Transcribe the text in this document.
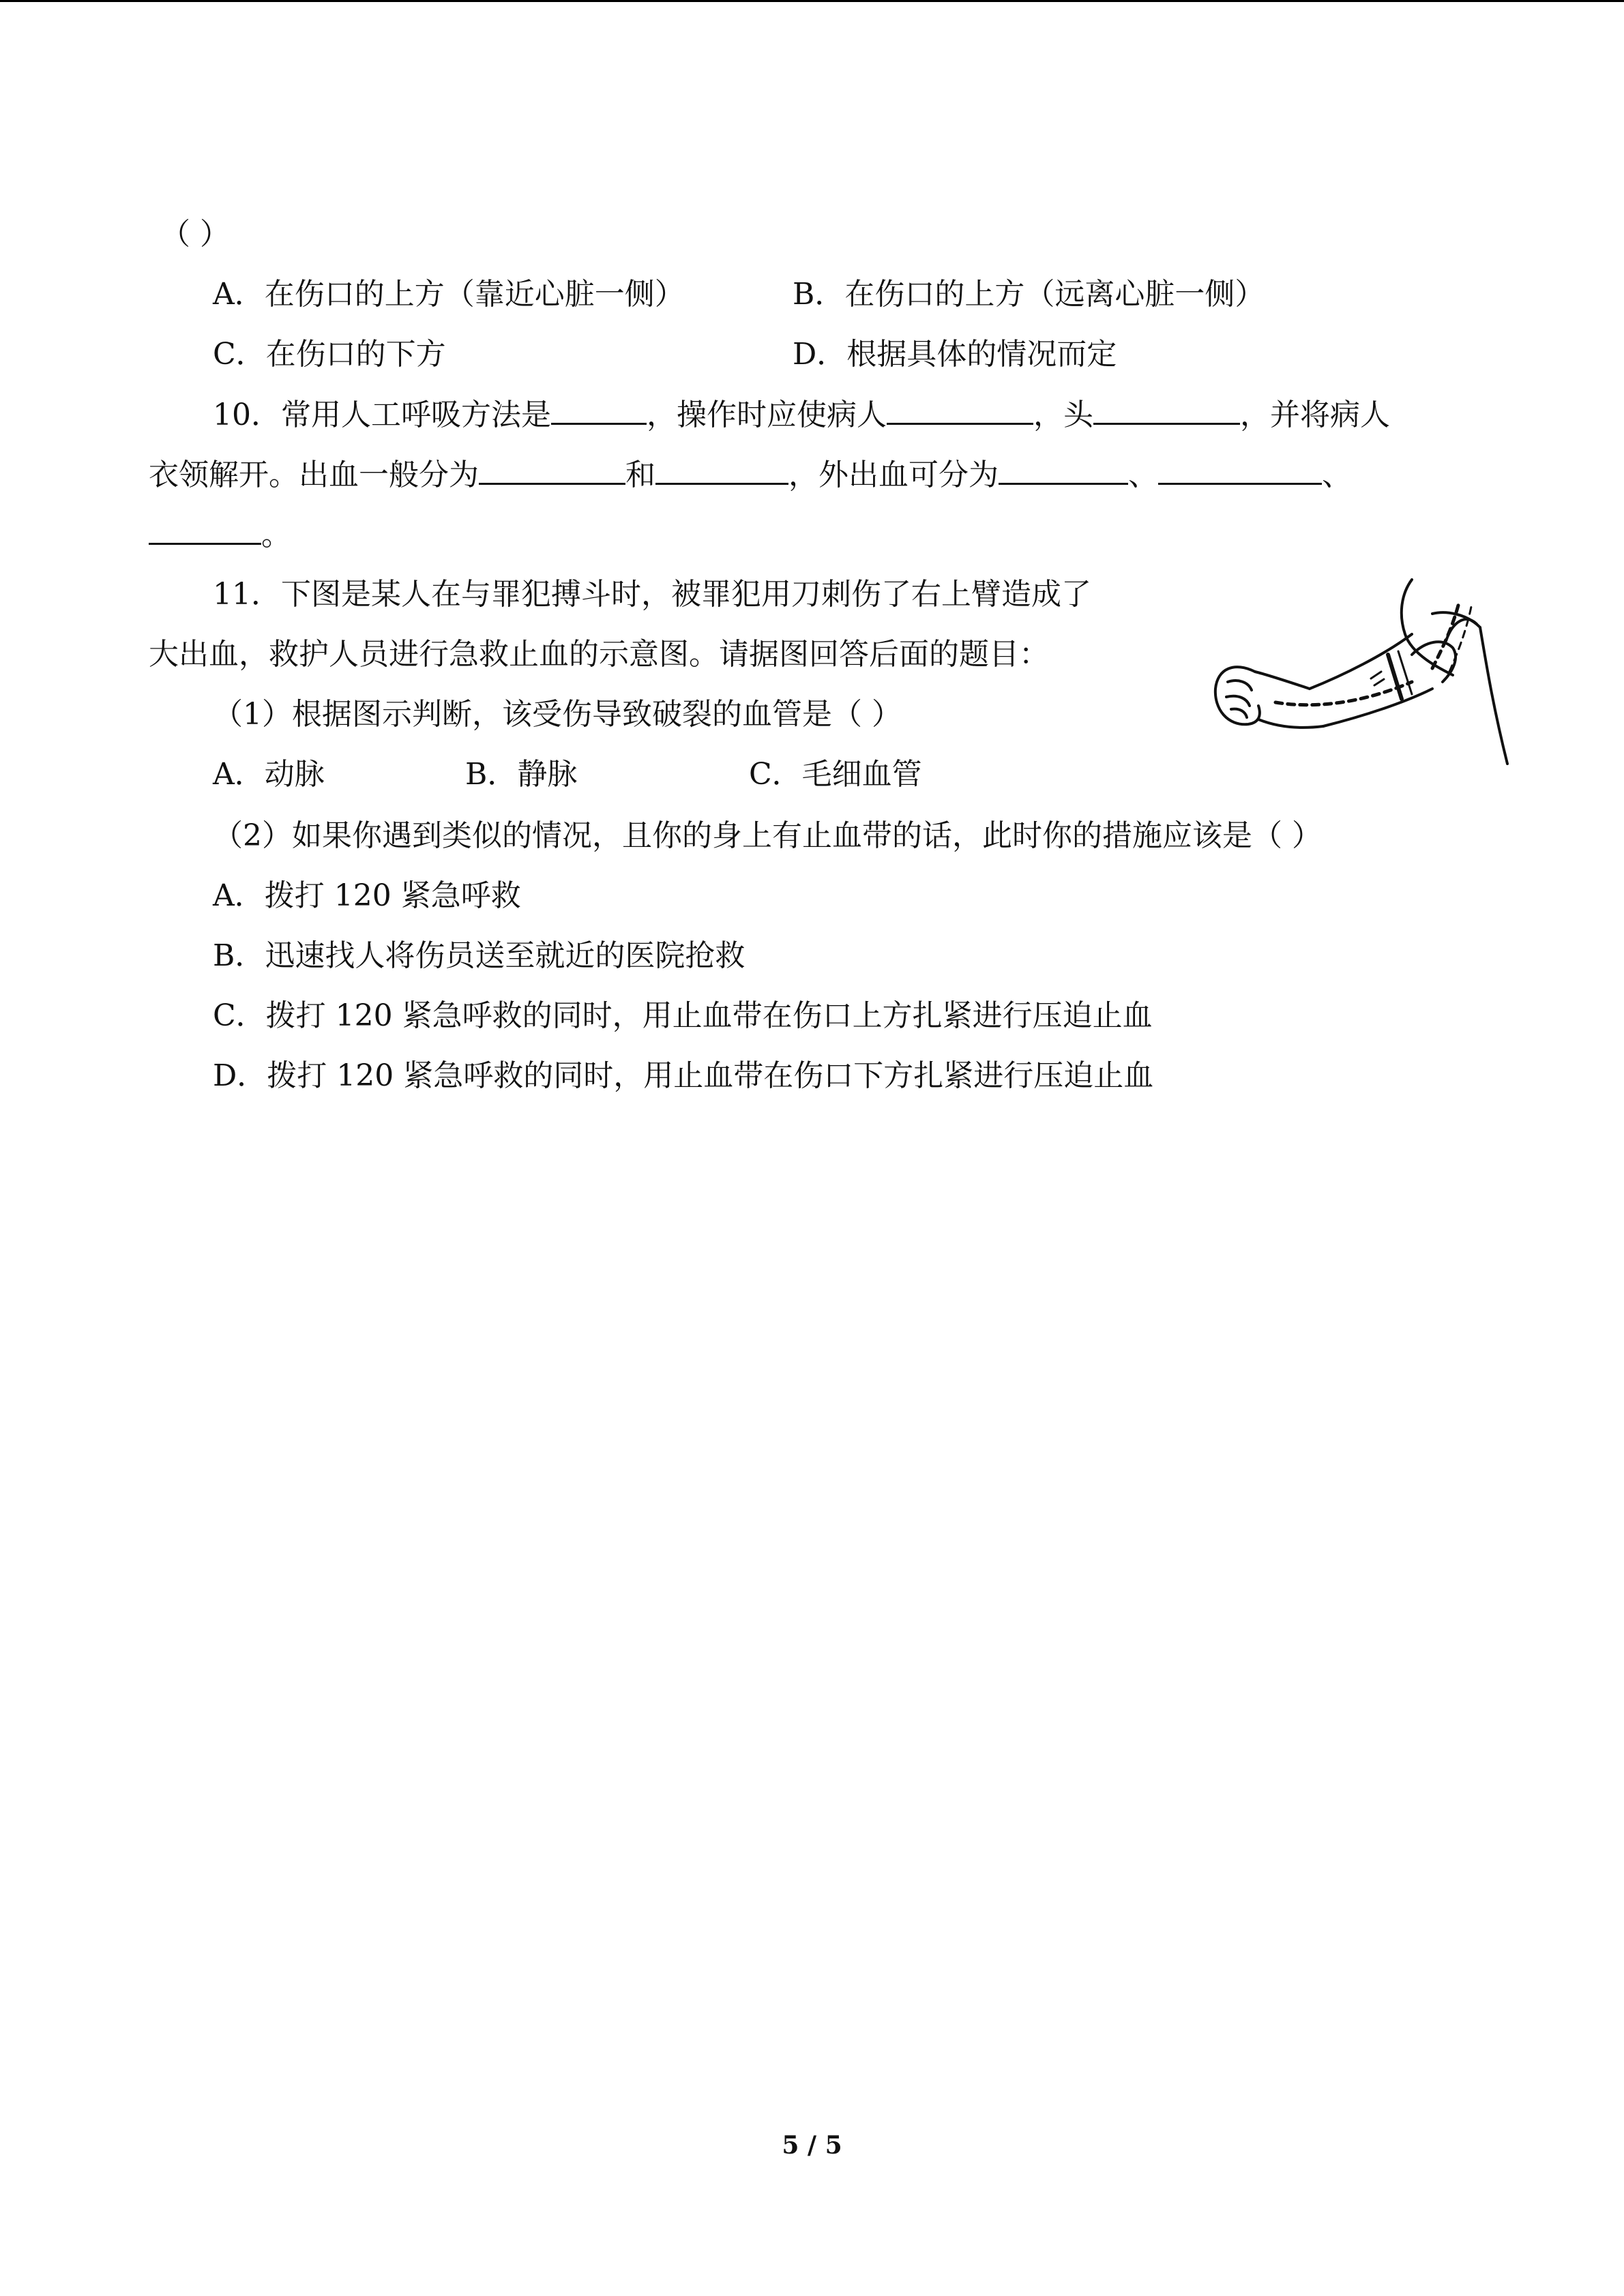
（ ）
A．在伤口的上方（靠近心脏一侧）	B．在伤口的上方（远离心脏一侧）
C．在伤口的下方	D．根据具体的情况而定
10．常用人工呼吸方法是	，操作时应使病人	，头	，并将病人
衣领解开。出血一般分为	和	，外出血可分为	、	、
。
11．下图是某人在与罪犯搏斗时，被罪犯用刀刺伤了右上臂造成了
大出血，救护人员进行急救止血的示意图。请据图回答后面的题目：
（1）根据图示判断，该受伤导致破裂的血管是（ ）
A．动脉	B．静脉	C．毛细血管
（2）如果你遇到类似的情况，且你的身上有止血带的话，此时你的措施应该是（ ）
A．拨打 120 紧急呼救
B．迅速找人将伤员送至就近的医院抢救
C．拨打 120 紧急呼救的同时，用止血带在伤口上方扎紧进行压迫止血
D．拨打 120 紧急呼救的同时，用止血带在伤口下方扎紧进行压迫止血
5 / 5
